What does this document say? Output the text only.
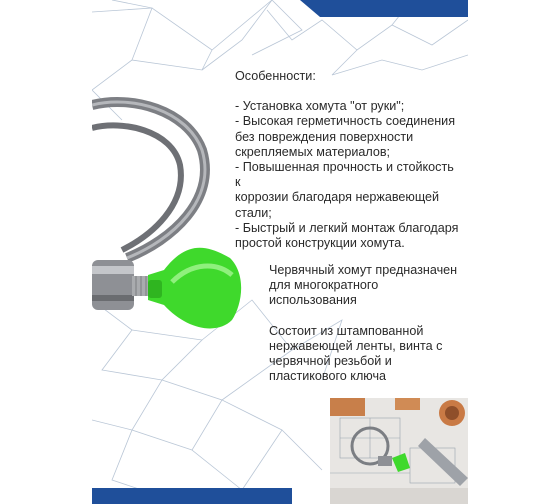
Особенности:
- Установка хомута "от руки";
- Высокая герметичность соединения
без повреждения поверхности
скрепляемых материалов;
- Повышенная прочность и стойкость к
коррозии благодаря нержавеющей
стали;
- Быстрый и легкий монтаж благодаря
простой конструкции хомута.
Червячный хомут предназначен для многократного использования
Состоит из штампованной нержавеющей ленты, винта с червячной резьбой и пластикового ключа
